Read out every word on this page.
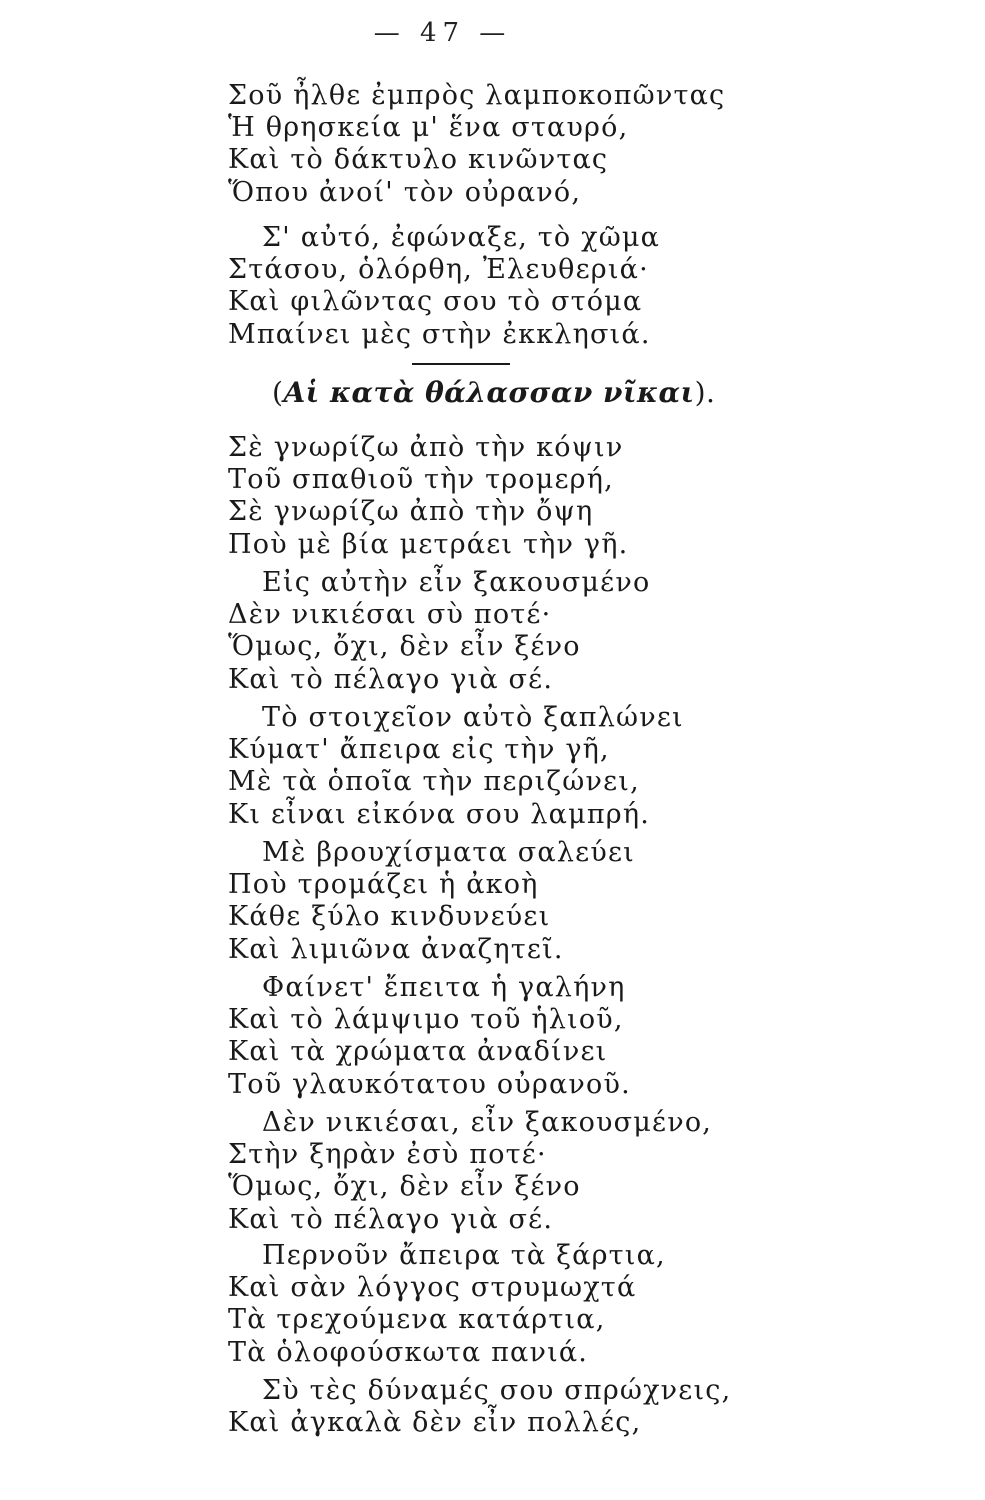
— 47 —
Σοῦ ἦλθε ἐμπρὸς λαμποκοπῶντας
Ἡ θρησκεία μ' ἕνα σταυρό,
Καὶ τὸ δάκτυλο κινῶντας
Ὅπου ἀνοί' τὸν οὐρανό,
Σ' αὐτό, ἐφώναξε, τὸ χῶμα
Στάσου, ὁλόρθη, Ἐλευθεριά·
Καὶ φιλῶντας σου τὸ στόμα
Μπαίνει μὲς στὴν ἐκκλησιά.
(Αἱ κατὰ θάλασσαν νῖκαι).
Σὲ γνωρίζω ἀπὸ τὴν κόψιν
Τοῦ σπαθιοῦ τὴν τρομερή,
Σὲ γνωρίζω ἀπὸ τὴν ὄψη
Ποὺ μὲ βία μετράει τὴν γῆ.
Εἰς αὐτὴν εἶν ξακουσμένο
Δὲν νικιέσαι σὺ ποτέ·
Ὅμως, ὄχι, δὲν εἶν ξένο
Καὶ τὸ πέλαγο γιὰ σέ.
Τὸ στοιχεῖον αὐτὸ ξαπλώνει
Κύματ' ἄπειρα εἰς τὴν γῆ,
Μὲ τὰ ὁποῖα τὴν περιζώνει,
Κι εἶναι εἰκόνα σου λαμπρή.
Μὲ βρουχίσματα σαλεύει
Ποὺ τρομάζει ἡ ἀκοὴ
Κάθε ξύλο κινδυνεύει
Καὶ λιμιῶνα ἀναζητεῖ.
Φαίνετ' ἔπειτα ἡ γαλήνη
Καὶ τὸ λάμψιμο τοῦ ἡλιοῦ,
Καὶ τὰ χρώματα ἀναδίνει
Τοῦ γλαυκότατου οὐρανοῦ.
Δὲν νικιέσαι, εἶν ξακουσμένο,
Στὴν ξηρὰν ἐσὺ ποτέ·
Ὅμως, ὄχι, δὲν εἶν ξένο
Καὶ τὸ πέλαγο γιὰ σέ.
Περνοῦν ἄπειρα τὰ ξάρτια,
Καὶ σὰν λόγγος στρυμωχτά
Τὰ τρεχούμενα κατάρτια,
Τὰ ὁλοφούσκωτα πανιά.
Σὺ τὲς δύναμές σου σπρώχνεις,
Καὶ ἀγκαλὰ δὲν εἶν πολλές,
